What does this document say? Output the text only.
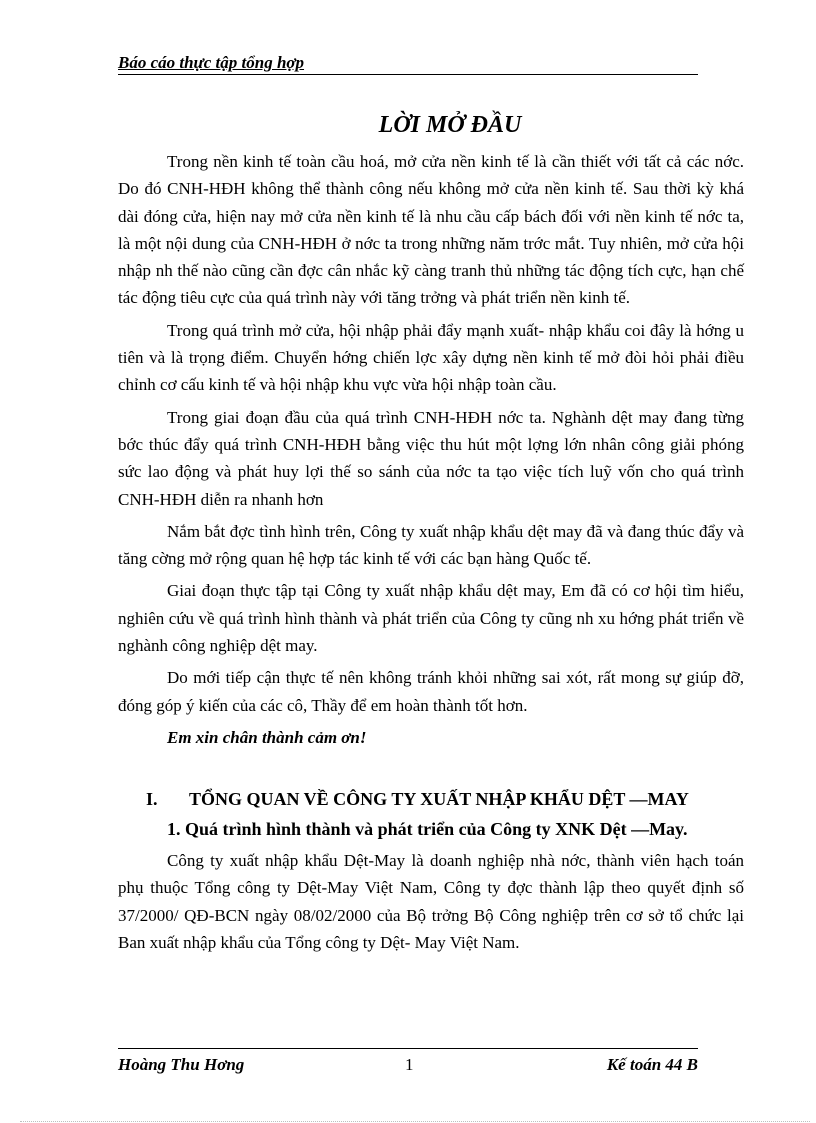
Báo cáo thực tập tổng hợp
LỜI MỞ ĐẦU

Trong nền kinh tế toàn cầu hoá, mở cửa nền kinh tế là cần thiết với tất cả các nớc. Do đó CNH-HĐH không thể thành công nếu không mở cửa nền kinh tế. Sau thời kỳ khá dài đóng cửa, hiện nay mở cửa nền kinh tế là nhu cầu cấp bách đối với nền kinh tế nớc ta, là một nội dung của CNH-HĐH ở nớc ta trong những năm trớc mắt. Tuy nhiên, mở cửa hội nhập nh thế nào cũng cần đợc cân nhắc kỹ càng tranh thủ những tác động tích cực, hạn chế tác động tiêu cực của quá trình này với tăng trởng và phát triển nền kinh tế.

Trong quá trình mở cửa, hội nhập phải đẩy mạnh xuất- nhập khẩu coi đây là hớng u tiên và là trọng điểm. Chuyển hớng chiến lợc xây dựng nền kinh tế mở đòi hỏi phải điều chỉnh cơ cấu kinh tế và hội nhập khu vực vừa hội nhập toàn cầu.

Trong giai đoạn đầu của quá trình CNH-HĐH nớc ta. Nghành dệt may đang từng bớc thúc đẩy quá trình CNH-HĐH bằng việc thu hút một lợng lớn nhân công giải phóng sức lao động và phát huy lợi thế so sánh của nớc ta tạo việc tích luỹ vốn cho quá trình CNH-HĐH diễn ra nhanh hơn

Nắm bắt đợc tình hình trên, Công ty xuất nhập khẩu dệt may đã và đang thúc đẩy và tăng cờng mở rộng quan hệ hợp tác kinh tế với các bạn hàng Quốc tế.

Giai đoạn thực tập tại Công ty xuất nhập khẩu dệt may, Em đã có cơ hội tìm hiểu, nghiên cứu về quá trình hình thành và phát triển của Công ty cũng nh xu hớng phát triển về nghành công nghiệp dệt may.

Do mới tiếp cận thực tế nên không tránh khỏi những sai xót, rất mong sự giúp đỡ, đóng góp ý kiến của các cô, Thầy để em hoàn thành tốt hơn.

Em xin chân thành cảm ơn!

I.	TỔNG QUAN VỀ CÔNG TY XUẤT NHẬP KHẨU DỆT —MAY
1. Quá trình hình thành và phát triển của Công ty XNK Dệt —May.

Công ty xuất nhập khẩu Dệt-May là doanh nghiệp nhà nớc, thành viên hạch toán phụ thuộc Tổng công ty Dệt-May Việt Nam, Công ty đợc thành lập theo quyết định số 37/2000/ QĐ-BCN ngày 08/02/2000 của Bộ trởng Bộ Công nghiệp trên cơ sở tổ chức lại Ban xuất nhập khẩu của Tổng công ty Dệt- May Việt Nam.

Hoàng Thu Hơng	1	Kế toán 44 B
